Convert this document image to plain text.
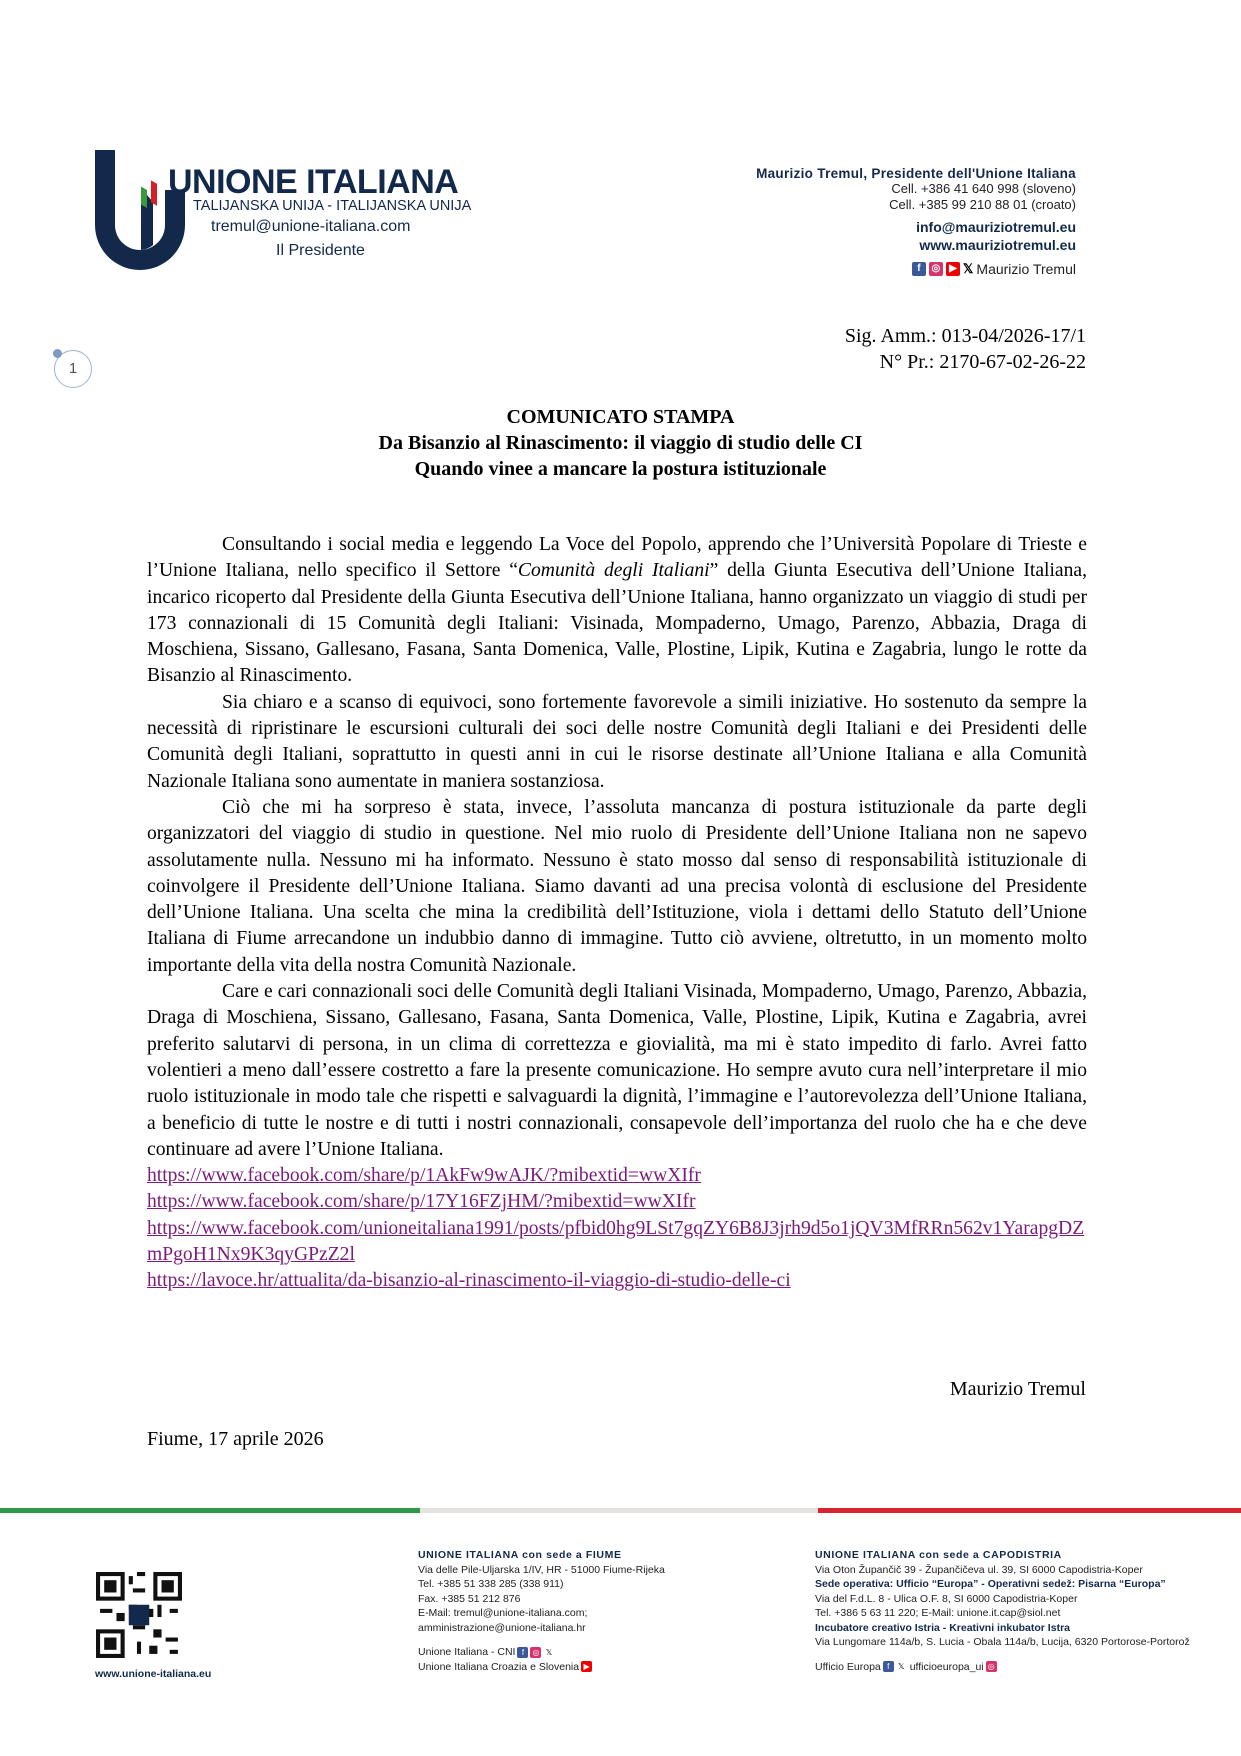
UNIONE ITALIANA
TALIJANSKA UNIJA - ITALIJANSKA UNIJA
tremul@unione-italiana.com
Il Presidente
Maurizio Tremul, Presidente dell'Unione Italiana
Cell. +386 41 640 998 (sloveno)
Cell. +385 99 210 88 01 (croato)
info@mauriziotremul.eu
www.mauriziotremul.eu
f	◎ ▶ 𝕏 Maurizio Tremul
1
Sig. Amm.: 013-04/2026-17/1
N° Pr.: 2170-67-02-26-22
COMUNICATO STAMPA
Da Bisanzio al Rinascimento: il viaggio di studio delle CI
Quando vinee a mancare la postura istituzionale

Consultando i social media e leggendo La Voce del Popolo, apprendo che l’Università Popolare di Trieste e l’Unione Italiana, nello specifico il Settore “Comunità degli Italiani” della Giunta Esecutiva dell’Unione Italiana, incarico ricoperto dal Presidente della Giunta Esecutiva dell’Unione Italiana, hanno organizzato un viaggio di studi per 173 connazionali di 15 Comunità degli Italiani: Visinada, Mompaderno, Umago, Parenzo, Abbazia, Draga di Moschiena, Sissano, Gallesano, Fasana, Santa Domenica, Valle, Plostine, Lipik, Kutina e Zagabria, lungo le rotte da Bisanzio al Rinascimento.

Sia chiaro e a scanso di equivoci, sono fortemente favorevole a simili iniziative. Ho sostenuto da sempre la necessità di ripristinare le escursioni culturali dei soci delle nostre Comunità degli Italiani e dei Presidenti delle Comunità degli Italiani, soprattutto in questi anni in cui le risorse destinate all’Unione Italiana e alla Comunità Nazionale Italiana sono aumentate in maniera sostanziosa.

Ciò che mi ha sorpreso è stata, invece, l’assoluta mancanza di postura istituzionale da parte degli organizzatori del viaggio di studio in questione. Nel mio ruolo di Presidente dell’Unione Italiana non ne sapevo assolutamente nulla. Nessuno mi ha informato. Nessuno è stato mosso dal senso di responsabilità istituzionale di coinvolgere il Presidente dell’Unione Italiana. Siamo davanti ad una precisa volontà di esclusione del Presidente dell’Unione Italiana. Una scelta che mina la credibilità dell’Istituzione, viola i dettami dello Statuto dell’Unione Italiana di Fiume arrecandone un indubbio danno di immagine. Tutto ciò avviene, oltretutto, in un momento molto importante della vita della nostra Comunità Nazionale.

Care e cari connazionali soci delle Comunità degli Italiani Visinada, Mompaderno, Umago, Parenzo, Abbazia, Draga di Moschiena, Sissano, Gallesano, Fasana, Santa Domenica, Valle, Plostine, Lipik, Kutina e Zagabria, avrei preferito salutarvi di persona, in un clima di correttezza e giovialità, ma mi è stato impedito di farlo. Avrei fatto volentieri a meno dall’essere costretto a fare la presente comunicazione. Ho sempre avuto cura nell’interpretare il mio ruolo istituzionale in modo tale che rispetti e salvaguardi la dignità, l’immagine e l’autorevolezza dell’Unione Italiana, a beneficio di tutte le nostre e di tutti i nostri connazionali, consapevole dell’importanza del ruolo che ha e che deve continuare ad avere l’Unione Italiana.

https://www.facebook.com/share/p/1AkFw9wAJK/?mibextid=wwXIfr
https://www.facebook.com/share/p/17Y16FZjHM/?mibextid=wwXIfr
https://www.facebook.com/unioneitaliana1991/posts/pfbid0hg9LSt7gqZY6B8J3jrh9d5o1jQV3MfRRn562v1YarapgDZmPgoH1Nx9K3qyGPzZ2l
https://lavoce.hr/attualita/da-bisanzio-al-rinascimento-il-viaggio-di-studio-delle-ci
Maurizio Tremul
Fiume, 17 aprile 2026
www.unione-italiana.eu
UNIONE ITALIANA con sede a FIUME
Via delle Pile-Uljarska 1/IV, HR - 51000 Fiume-Rijeka
Tel. +385 51 338 285 (338 911)
Fax. +385 51 212 876
E-Mail: tremul@unione-italiana.com;
amministrazione@unione-italiana.hr
Unione Italiana - CNI f ◎ 𝕏
Unione Italiana Croazia e Slovenia ▶
UNIONE ITALIANA con sede a CAPODISTRIA
Via Oton Župančič 39 - Župančičeva ul. 39, SI 6000 Capodistria-Koper
Sede operativa: Ufficio “Europa” - Operativni sedež: Pisarna “Europa”
Via del F.d.L. 8 - Ulica O.F. 8, SI 6000 Capodistria-Koper
Tel. +386 5 63 11 220; E-Mail: unione.it.cap@siol.net
Incubatore creativo Istria - Kreativni inkubator Istra
Via Lungomare 114a/b, S. Lucia - Obala 114a/b, Lucija, 6320 Portorose-Portorož
Ufficio Europa f 𝕏 ufficioeuropa_ui ◎
